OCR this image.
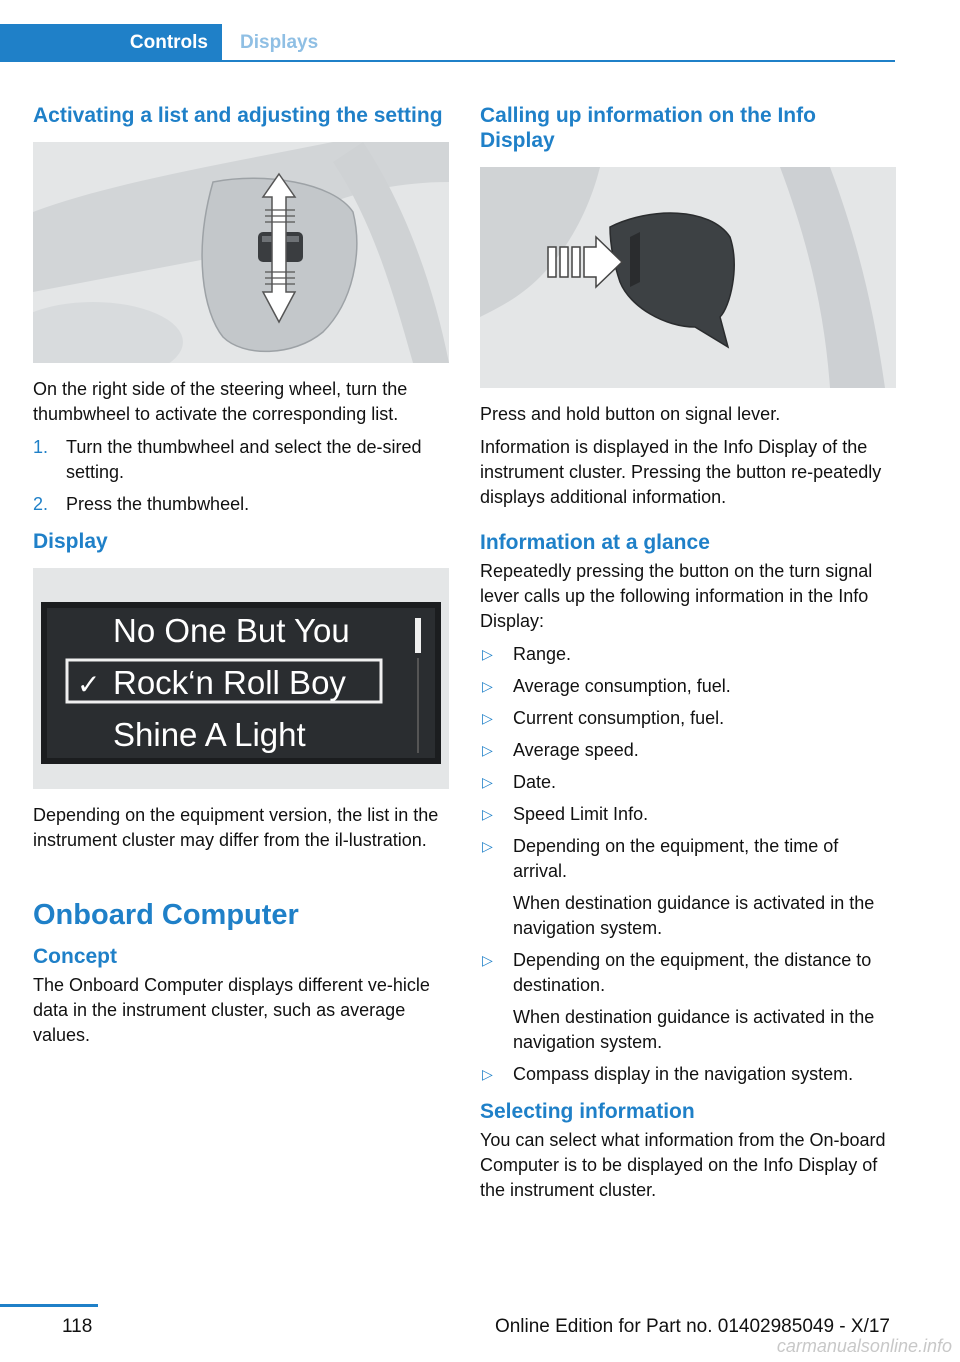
Controls Displays
Activating a list and adjusting the setting

On the right side of the steering wheel, turn the thumbwheel to activate the corresponding list.

1. Turn the thumbwheel and select the de‐sired setting.
2. Press the thumbwheel.
Display
No One But You
✓ Rock‘n Roll Boy
Shine A Light

Depending on the equipment version, the list in the instrument cluster may differ from the il‐lustration.

Onboard Computer
Concept

The Onboard Computer displays different ve‐hicle data in the instrument cluster, such as average values.

Calling up information on the Info Display

Press and hold button on signal lever.

Information is displayed in the Info Display of the instrument cluster. Pressing the button re‐peatedly displays additional information.

Information at a glance

Repeatedly pressing the button on the turn signal lever calls up the following information in the Info Display:

▷ Range.
▷ Average consumption, fuel.
▷ Current consumption, fuel.
▷ Average speed.
▷ Date.
▷ Speed Limit Info.
▷ Depending on the equipment, the time of arrival.
When destination guidance is activated in the navigation system.
▷ Depending on the equipment, the distance to destination.
When destination guidance is activated in the navigation system.
▷ Compass display in the navigation system.
Selecting information

You can select what information from the On‐board Computer is to be displayed on the Info Display of the instrument cluster.

118	Online Edition for Part no. 01402985049 - X/17
carmanualsonline.info
